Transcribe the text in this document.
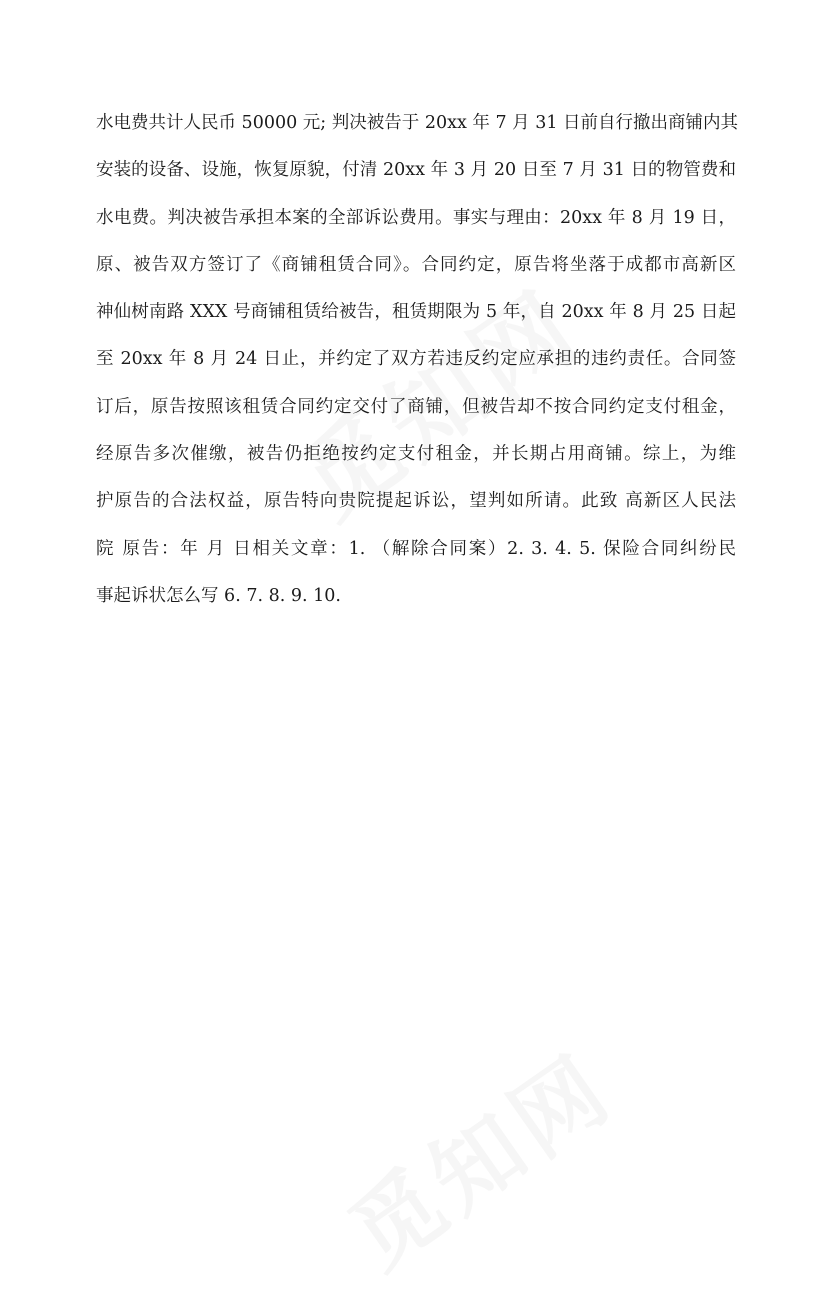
水电费共计人民币 50000 元; 判决被告于 20xx 年 7 月 31 日前自行撤出商铺内其
安装的设备、设施，恢复原貌，付清 20xx 年 3 月 20 日至 7 月 31 日的物管费和
水电费。判决被告承担本案的全部诉讼费用。事实与理由：20xx 年 8 月 19 日，
原、被告双方签订了《商铺租赁合同》。合同约定，原告将坐落于成都市高新区
神仙树南路 XXX 号商铺租赁给被告，租赁期限为 5 年，自 20xx 年 8 月 25 日起
至 20xx 年 8 月 24 日止，并约定了双方若违反约定应承担的违约责任。合同签
订后，原告按照该租赁合同约定交付了商铺，但被告却不按合同约定支付租金，
经原告多次催缴，被告仍拒绝按约定支付租金，并长期占用商铺。综上，为维
护原告的合法权益，原告特向贵院提起诉讼，望判如所请。此致 高新区人民法
院 原告：年 月 日相关文章：1. （解除合同案）2. 3. 4. 5. 保险合同纠纷民
事起诉状怎么写 6. 7. 8. 9. 10.
